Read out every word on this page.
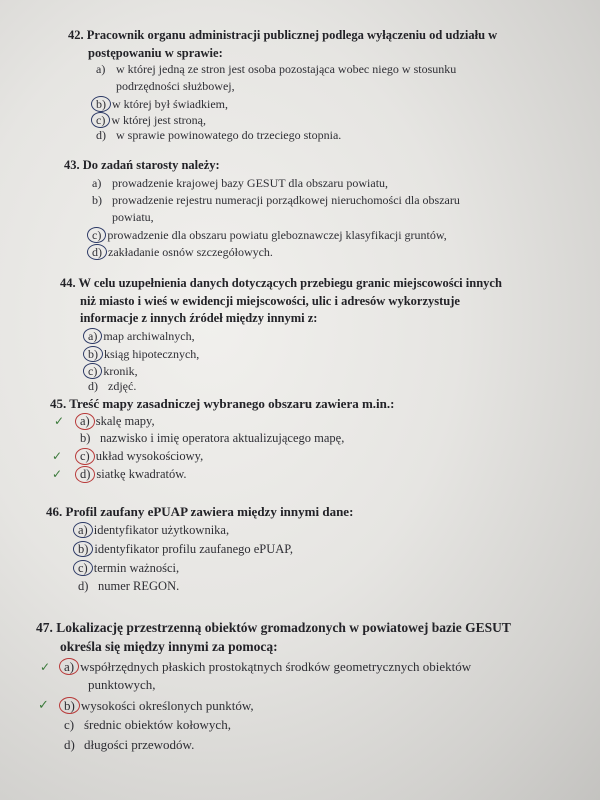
42. Pracownik organu administracji publicznej podlega wyłączeniu od udziału w
postępowaniu w sprawie:
a) w której jedną ze stron jest osoba pozostająca wobec niego w stosunku
podrzędności służbowej,
b) w której był świadkiem,
c) w której jest stroną,
d) w sprawie powinowatego do trzeciego stopnia.
43. Do zadań starosty należy:
a) prowadzenie krajowej bazy GESUT dla obszaru powiatu,
b) prowadzenie rejestru numeracji porządkowej nieruchomości dla obszaru
powiatu,
c) prowadzenie dla obszaru powiatu gleboznawczej klasyfikacji gruntów,
d) zakładanie osnów szczegółowych.
44. W celu uzupełnienia danych dotyczących przebiegu granic miejscowości innych
niż miasto i wieś w ewidencji miejscowości, ulic i adresów wykorzystuje
informacje z innych źródeł między innymi z:
a) map archiwalnych,
b) ksiąg hipotecznych,
c) kronik,
d) zdjęć.
45. Treść mapy zasadniczej wybranego obszaru zawiera m.in.:
✓ a) skalę mapy,
b) nazwisko i imię operatora aktualizującego mapę,
✓ c) układ wysokościowy,
✓ d) siatkę kwadratów.
46. Profil zaufany ePUAP zawiera między innymi dane:
a) identyfikator użytkownika,
b) identyfikator profilu zaufanego ePUAP,
c) termin ważności,
d) numer REGON.
47. Lokalizację przestrzenną obiektów gromadzonych w powiatowej bazie GESUT
określa się między innymi za pomocą:
✓ a) współrzędnych płaskich prostokątnych środków geometrycznych obiektów
punktowych,
✓ b) wysokości określonych punktów,
c) średnic obiektów kołowych,
d) długości przewodów.
